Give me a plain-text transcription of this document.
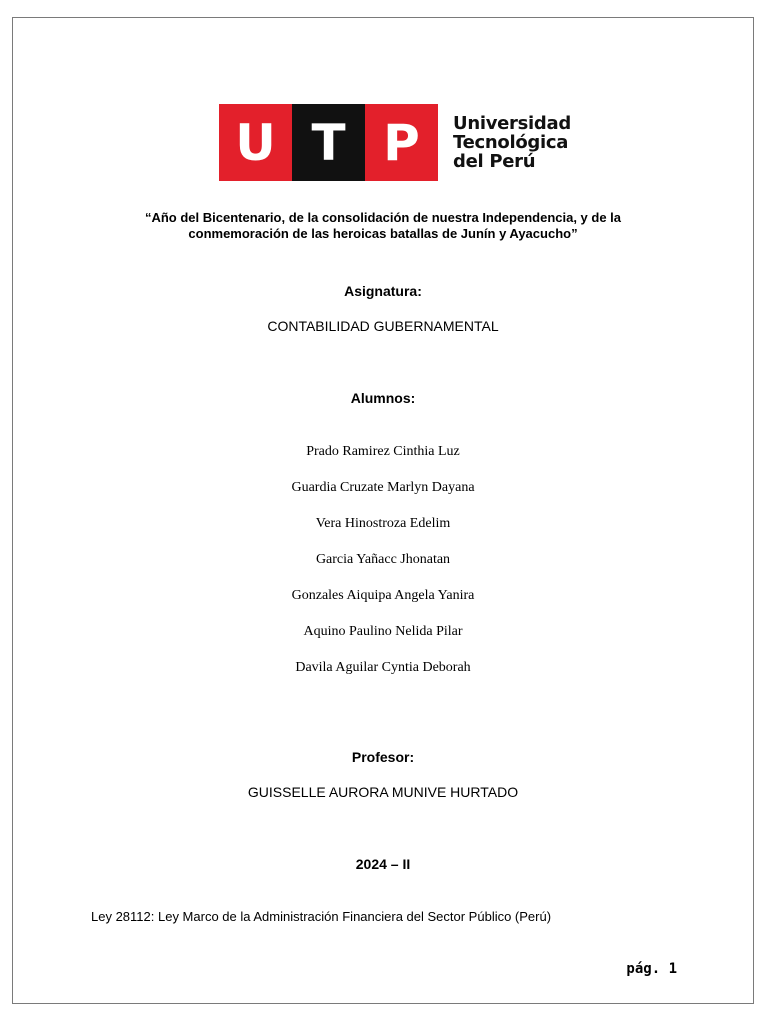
U T P	Universidad
Tecnológica
del Perú
“Año del Bicentenario, de la consolidación de nuestra Independencia, y de la conmemoración de las heroicas batallas de Junín y Ayacucho”
Asignatura:
CONTABILIDAD GUBERNAMENTAL
Alumnos:
Prado Ramirez Cinthia Luz
Guardia Cruzate Marlyn Dayana
Vera Hinostroza Edelim
Garcia Yañacc Jhonatan
Gonzales Aiquipa Angela Yanira
Aquino Paulino Nelida Pilar
Davila Aguilar Cyntia Deborah
Profesor:
GUISSELLE AURORA MUNIVE HURTADO
2024 – II
Ley 28112: Ley Marco de la Administración Financiera del Sector Público (Perú)
pág. 1
